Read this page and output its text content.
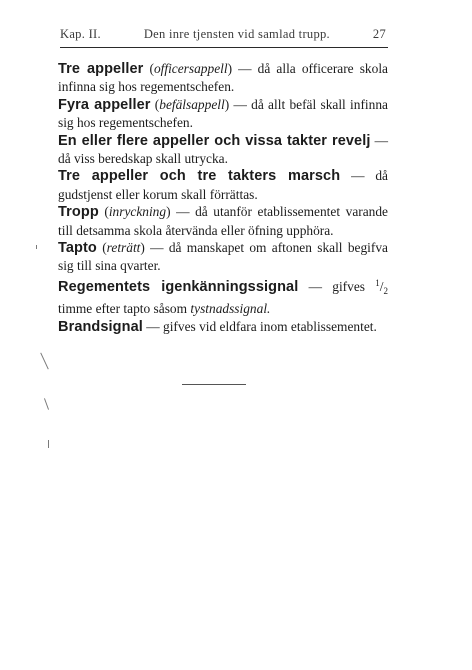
Kap. II.	Den inre tjensten vid samlad trupp.	27

Tre appeller (officersappell) — då alla officerare skola infinna sig hos regementschefen.

Fyra appeller (befälsappell) — då allt befäl skall infinna sig hos regementschefen.

En eller flere appeller och vissa takter revelj — då viss beredskap skall utrycka.

Tre appeller och tre takters marsch — då gudstjenst eller korum skall förrättas.

Tropp (inryckning) — då utanför etablissementet varande till detsamma skola återvända eller öfning upphöra.

Tapto (reträtt) — då manskapet om aftonen skall begifva sig till sina qvarter.

Regementets igenkänningssignal — gifves $^1/_2$ timme efter tapto såsom tystnadssignal.

Brandsignal — gifves vid eldfara inom etablissementet.
